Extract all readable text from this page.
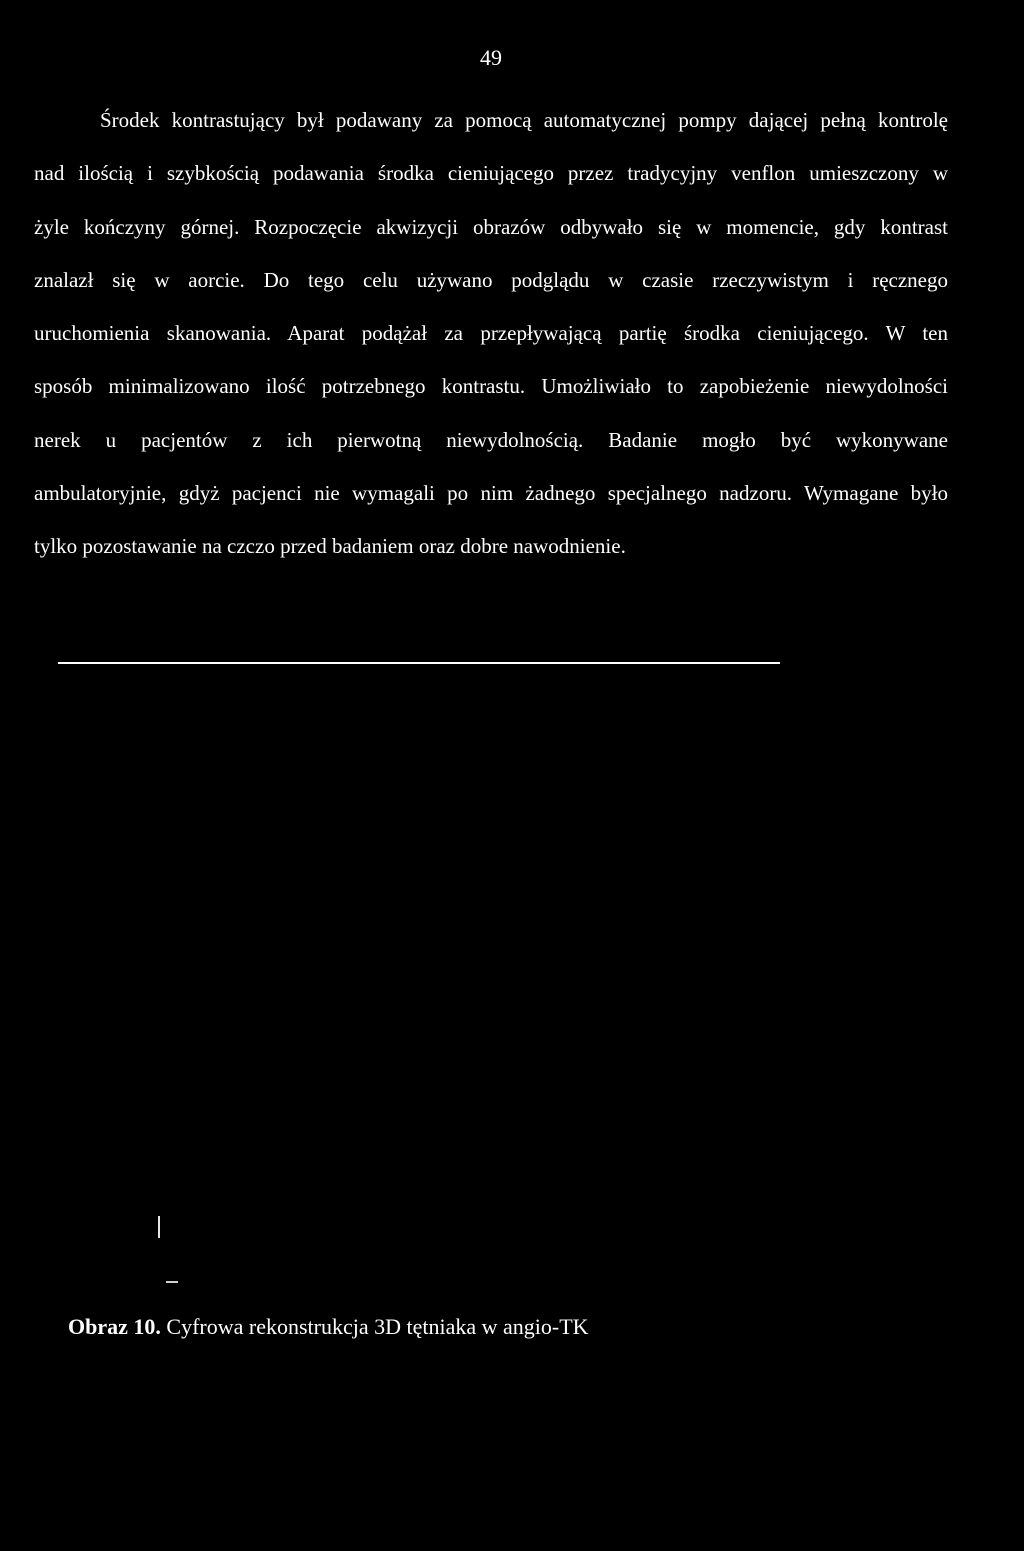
49
Środek kontrastujący był podawany za pomocą automatycznej pompy dającej pełną kontrolę
nad ilością i szybkością podawania środka cieniującego przez tradycyjny venflon umieszczony w
żyle kończyny górnej. Rozpoczęcie akwizycji obrazów odbywało się w momencie, gdy kontrast
znalazł się w aorcie. Do tego celu używano podglądu w czasie rzeczywistym i ręcznego
uruchomienia skanowania. Aparat podążał za przepływającą partię środka cieniującego. W ten
sposób minimalizowano ilość potrzebnego kontrastu. Umożliwiało to zapobieżenie niewydolności
nerek u pacjentów z ich pierwotną niewydolnością. Badanie mogło być wykonywane
ambulatoryjnie, gdyż pacjenci nie wymagali po nim żadnego specjalnego nadzoru. Wymagane było
tylko pozostawanie na czczo przed badaniem oraz dobre nawodnienie.
Obraz 10. Cyfrowa rekonstrukcja 3D tętniaka w angio-TK
